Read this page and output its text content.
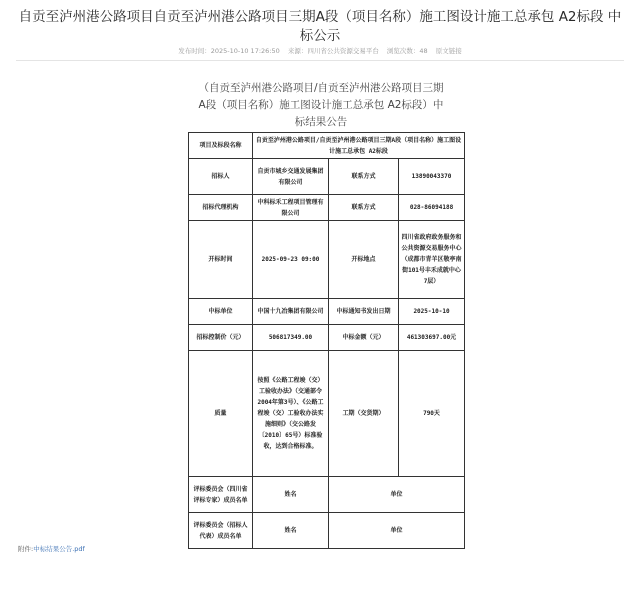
自贡至泸州港公路项目自贡至泸州港公路项目三期A段（项目名称）施工图设计施工总承包 A2标段 中标公示
发布时间：2025-10-10 17:26:50 来源：四川省公共资源交易平台 浏览次数：48 原文链接
（自贡至泸州港公路项目/自贡至泸州港公路项目三期A段（项目名称）施工图设计施工总承包 A2标段）中标结果公告
项目及标段名称	自贡至泸州港公路项目/自贡至泸州港公路项目三期A段（项目名称）施工图设计施工总承包 A2标段		
招标人	自贡市城乡交通发展集团有限公司	联系方式	13890043370
招标代理机构	中科标禾工程项目管理有限公司	联系方式	028-86094188
开标时间	2025-09-23 09:00	开标地点	四川省政府政务服务和公共资源交易服务中心（成都市青羊区敬亭南街101号丰禾成就中心7层）
中标单位	中国十九冶集团有限公司	中标通知书发出日期	2025-10-10
招标控制价（元）	506817349.00	中标金额（元）	461303697.00元
质量	按照《公路工程竣（交）工验收办法》（交通部令2004年第3号）、《公路工程竣（交）工验收办法实施细则》（交公路发〔2010〕65号）标准验收，达到合格标准。	工期（交货期）	790天
评标委员会（四川省评标专家）成员名单	姓名	单位	
评标委员会（招标人代表）成员名单	姓名	单位	
附件:中标结果公告.pdf
